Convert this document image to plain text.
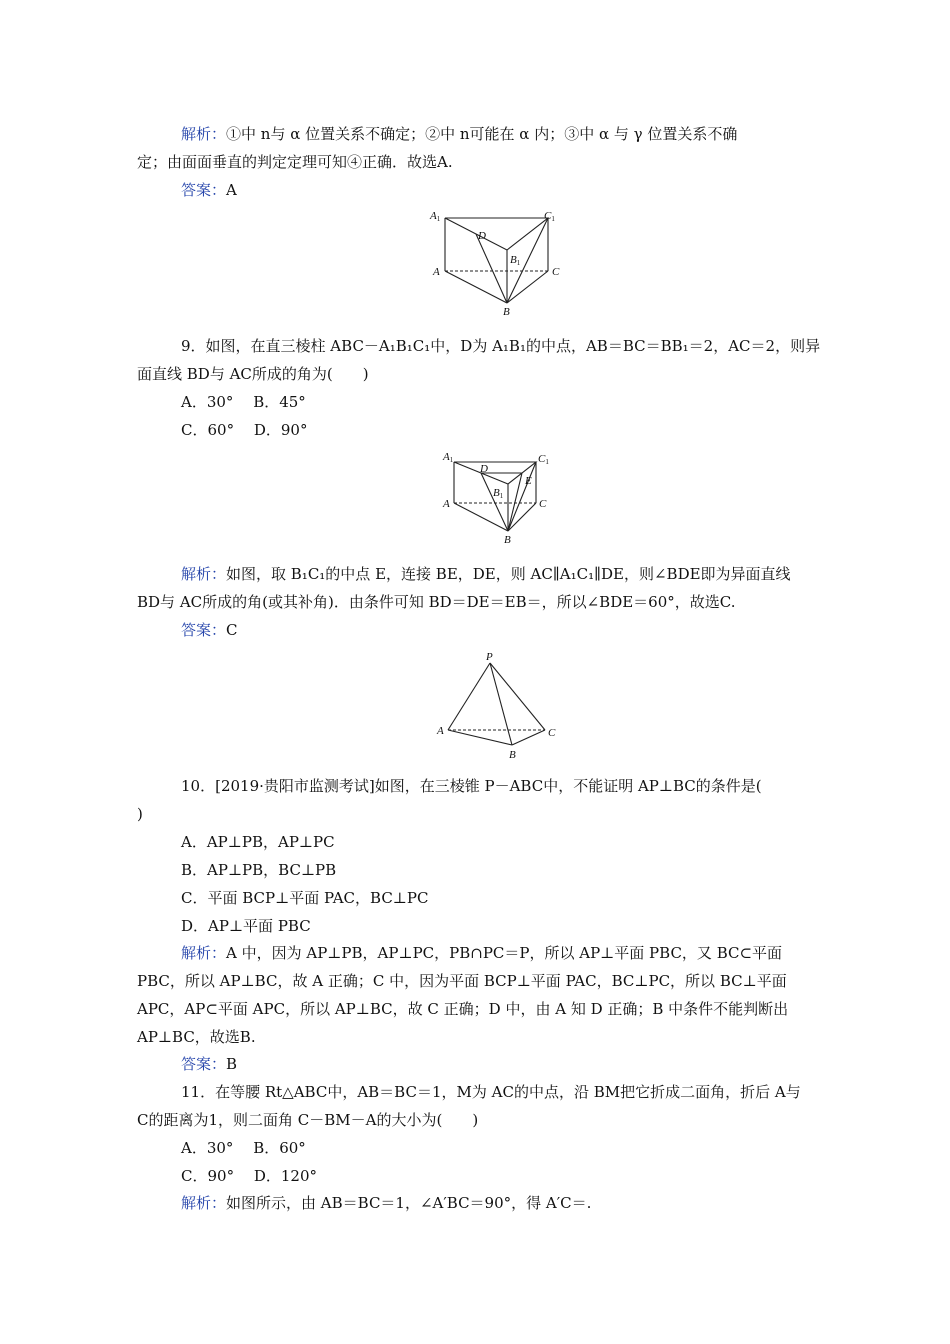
解析：①中 n与 α 位置关系不确定；②中 n可能在 α 内；③中 α 与 γ 位置关系不确
定；由面面垂直的判定定理可知④正确．故选A.
答案：A
A1	C1
D
B1
A	C
B
9．如图，在直三棱柱 ABC－A₁B₁C₁中，D为 A₁B₁的中点，AB＝BC＝BB₁＝2，AC＝2，则异
面直线 BD与 AC所成的角为(　　)
A．30°　 B．45°
C．60°　 D．90°
A1	C1
D
B1
E
A	C
B
解析：如图，取 B₁C₁的中点 E，连接 BE，DE，则 AC∥A₁C₁∥DE，则∠BDE即为异面直线
BD与 AC所成的角(或其补角)．由条件可知 BD＝DE＝EB＝，所以∠BDE＝60°，故选C.
答案：C
P
A	C
B
10．[2019·贵阳市监测考试]如图，在三棱锥 P－ABC中，不能证明 AP⊥BC的条件是(
)
A．AP⊥PB，AP⊥PC
B．AP⊥PB，BC⊥PB
C．平面 BCP⊥平面 PAC，BC⊥PC
D．AP⊥平面 PBC
解析：A 中，因为 AP⊥PB，AP⊥PC，PB∩PC＝P，所以 AP⊥平面 PBC，又 BC⊂平面
PBC，所以 AP⊥BC，故 A 正确；C 中，因为平面 BCP⊥平面 PAC，BC⊥PC，所以 BC⊥平面
APC，AP⊂平面 APC，所以 AP⊥BC，故 C 正确；D 中，由 A 知 D 正确；B 中条件不能判断出
AP⊥BC，故选B.
答案：B
11．在等腰 Rt△ABC中，AB＝BC＝1，M为 AC的中点，沿 BM把它折成二面角，折后 A与
C的距离为1，则二面角 C－BM－A的大小为(　　)
A．30°　 B．60°
C．90°　 D．120°
解析：如图所示，由 AB＝BC＝1，∠A′BC＝90°，得 A′C＝.
